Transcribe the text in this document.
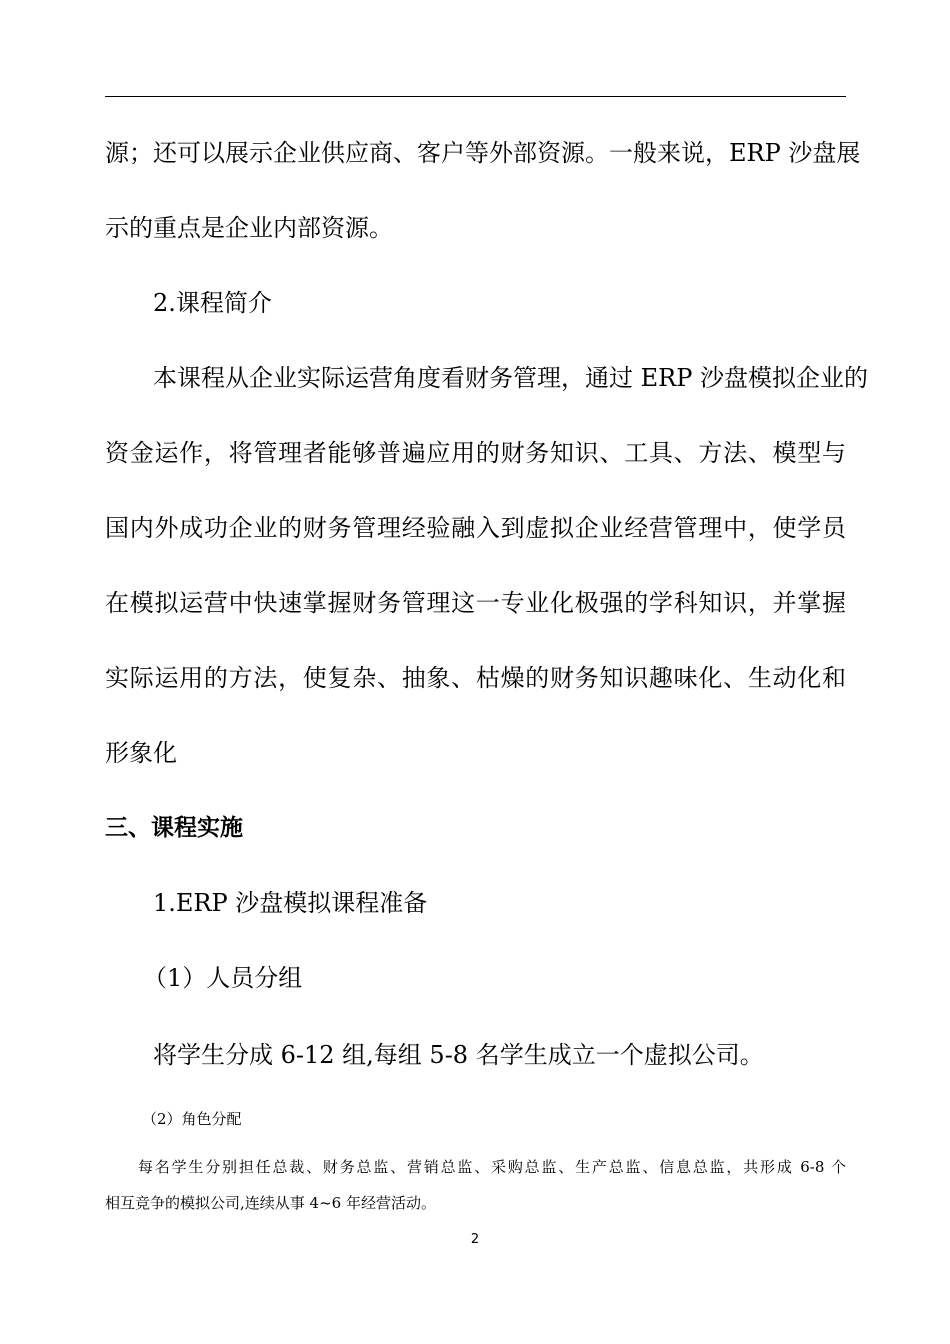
源；还可以展示企业供应商、客户等外部资源。一般来说，ERP 沙盘展
示的重点是企业内部资源。
2.课程简介
本课程从企业实际运营角度看财务管理，通过 ERP 沙盘模拟企业的
资金运作，将管理者能够普遍应用的财务知识、工具、方法、模型与
国内外成功企业的财务管理经验融入到虚拟企业经营管理中，使学员
在模拟运营中快速掌握财务管理这一专业化极强的学科知识，并掌握
实际运用的方法，使复杂、抽象、枯燥的财务知识趣味化、生动化和
形象化
三、课程实施
1.ERP 沙盘模拟课程准备
（1）人员分组
将学生分成 6-12 组,每组 5-8 名学生成立一个虚拟公司。
（2）角色分配
每名学生分别担任总裁、财务总监、营销总监、采购总监、生产总监、信息总监，共形成 6-8 个
相互竞争的模拟公司,连续从事 4~6 年经营活动。
2
